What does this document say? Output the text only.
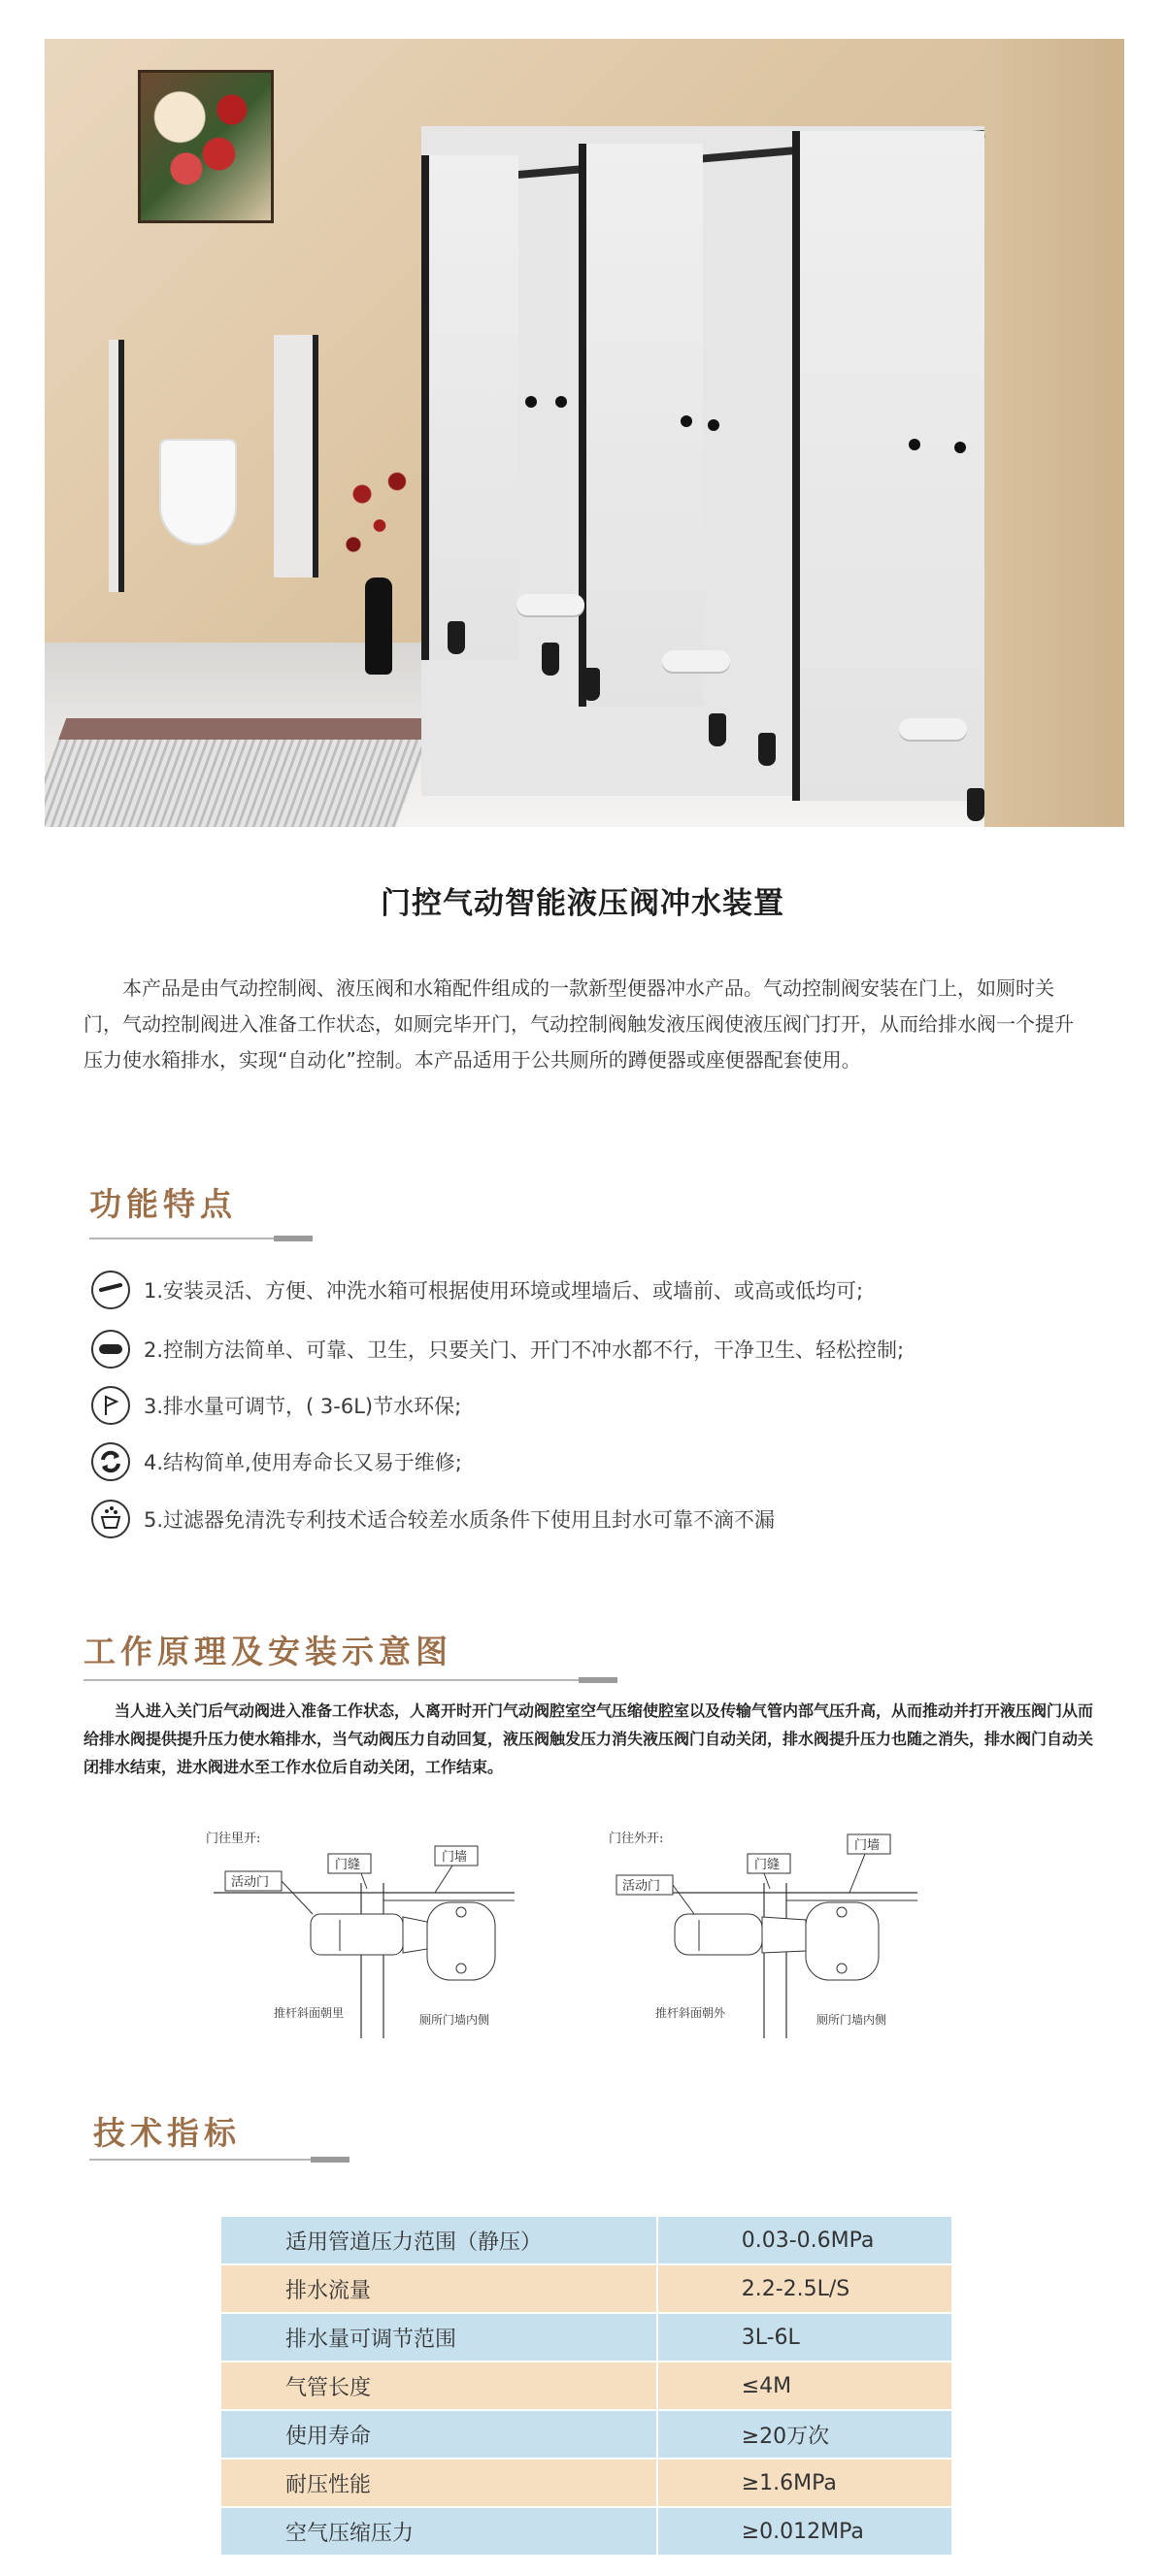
门控气动智能液压阀冲水装置

本产品是由气动控制阀、液压阀和水箱配件组成的一款新型便器冲水产品。气动控制阀安装在门上，如厕时关门，气动控制阀进入准备工作状态，如厕完毕开门，气动控制阀触发液压阀使液压阀门打开，从而给排水阀一个提升压力使水箱排水，实现“自动化”控制。本产品适用于公共厕所的蹲便器或座便器配套使用。

功能特点
1.安装灵活、方便、冲洗水箱可根据使用环境或埋墙后、或墙前、或高或低均可;
2.控制方法简单、可靠、卫生，只要关门、开门不冲水都不行，干净卫生、轻松控制;
3.排水量可调节，( 3-6L)节水环保;
4.结构简单,使用寿命长又易于维修;
5.过滤器免清洗专利技术适合较差水质条件下使用且封水可靠不滴不漏
工作原理及安装示意图

当人进入关门后气动阀进入准备工作状态，人离开时开门气动阀腔室空气压缩使腔室以及传输气管内部气压升高，从而推动并打开液压阀门从而给排水阀提供提升压力使水箱排水，当气动阀压力自动回复，液压阀触发压力消失液压阀门自动关闭，排水阀提升压力也随之消失，排水阀门自动关闭排水结束，进水阀进水至工作水位后自动关闭，工作结束。

门往里开:
门缝
门墙
活动门
推杆斜面朝里	厕所门墙内侧
门往外开:
门缝
门墙
活动门
推杆斜面朝外	厕所门墙内侧
技术指标
适用管道压力范围（静压）	0.03-0.6MPa
排水流量	2.2-2.5L/S
排水量可调节范围	3L-6L
气管长度	≤4M
使用寿命	≥20万次
耐压性能	≥1.6MPa
空气压缩压力	≥0.012MPa
